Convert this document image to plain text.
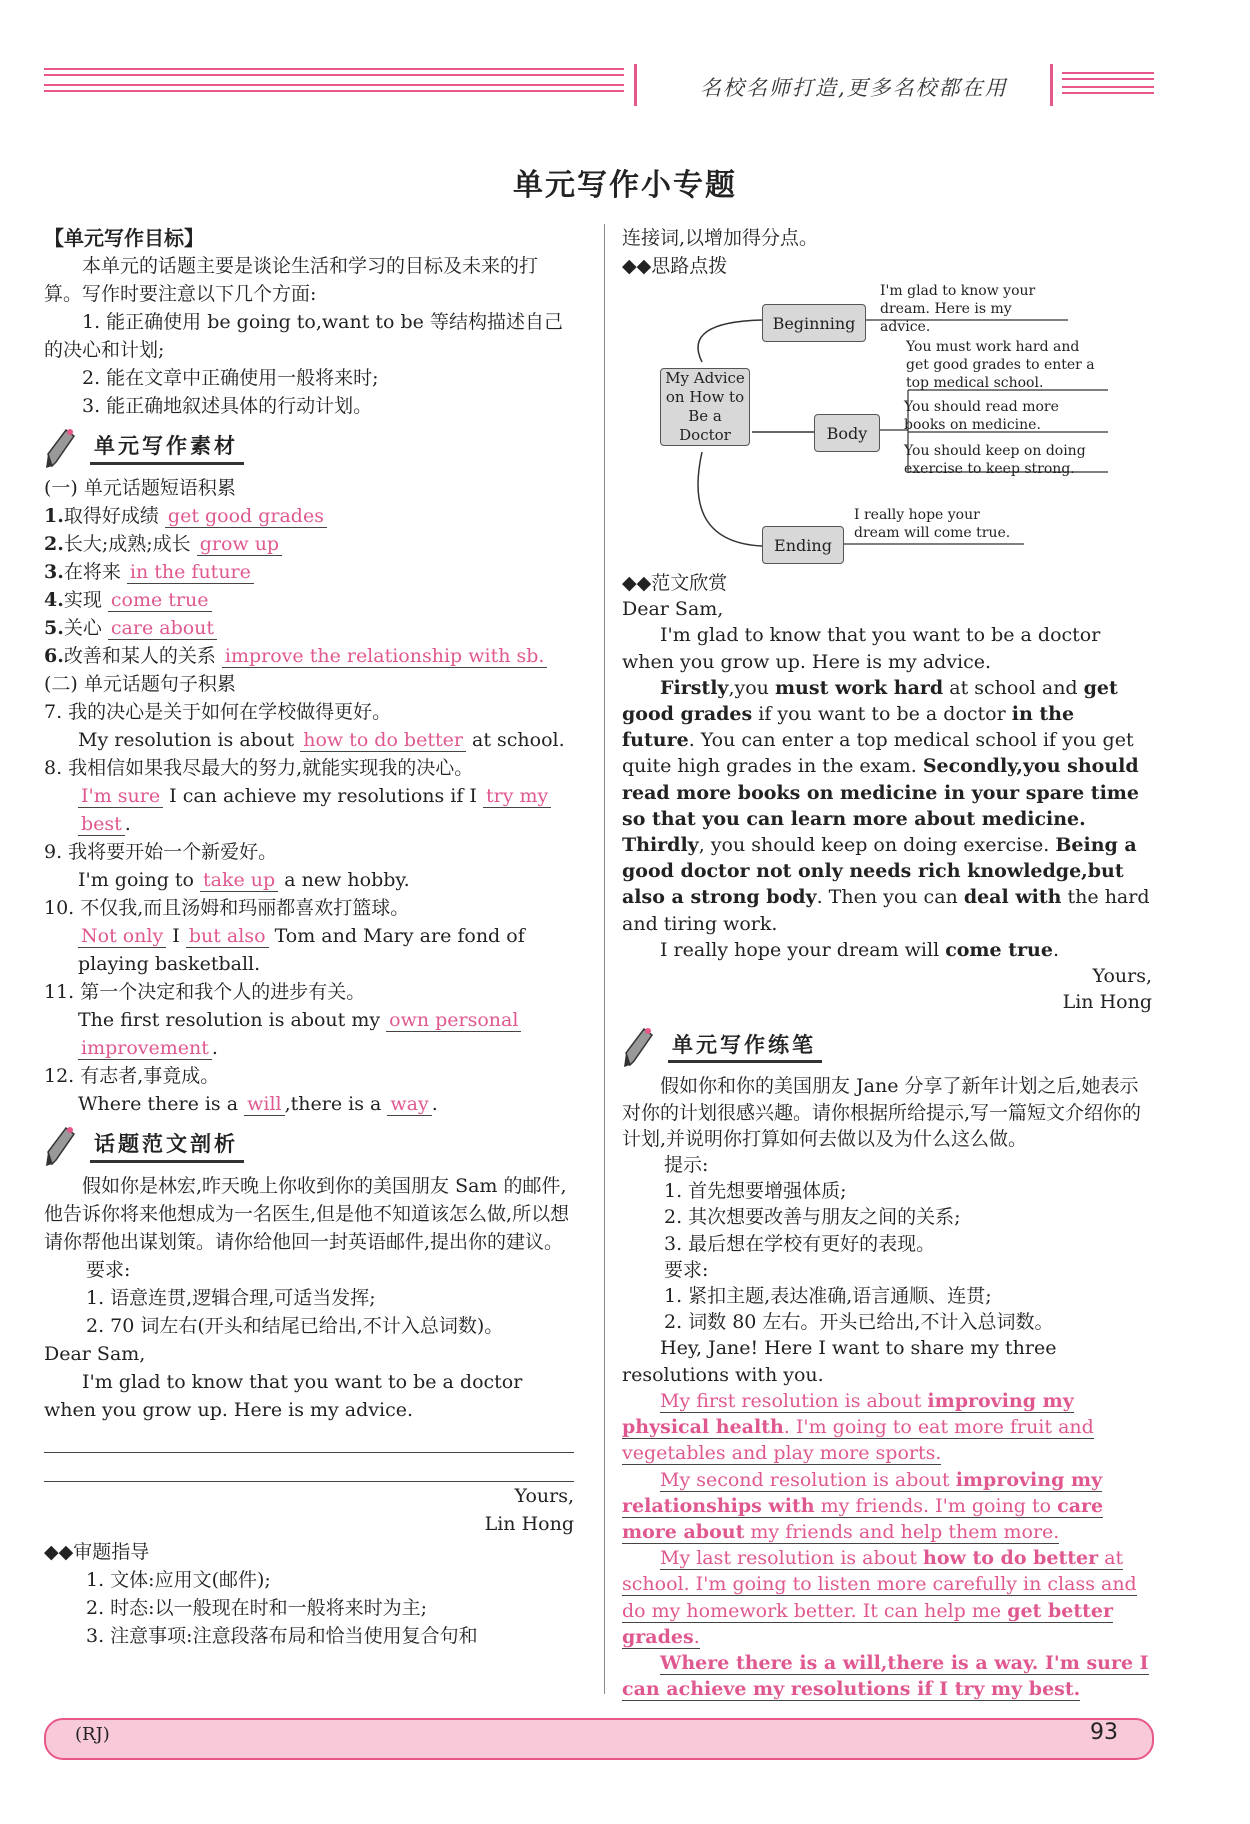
名校名师打造,更多名校都在用
单元写作小专题

【单元写作目标】

本单元的话题主要是谈论生活和学习的目标及未来的打算。写作时要注意以下几个方面:

1. 能正确使用 be going to,want to be 等结构描述自己的决心和计划;

2. 能在文章中正确使用一般将来时;

3. 能正确地叙述具体的行动计划。

单元写作素材

(一) 单元话题短语积累

1.取得好成绩 get good grades

2.长大;成熟;成长 grow up

3.在将来 in the future

4.实现 come true

5.关心 care about

6.改善和某人的关系 improve the relationship with sb.

(二) 单元话题句子积累

7. 我的决心是关于如何在学校做得更好。

My resolution is about how to do better at school.

8. 我相信如果我尽最大的努力,就能实现我的决心。

I'm sure I can achieve my resolutions if I try my best .

9. 我将要开始一个新爱好。

I'm going to take up a new hobby.

10. 不仅我,而且汤姆和玛丽都喜欢打篮球。

Not only I but also Tom and Mary are fond of

playing basketball.

11. 第一个决定和我个人的进步有关。

The first resolution is about my own personal improvement .

12. 有志者,事竟成。

Where there is a will ,there is a way .

话题范文剖析

假如你是林宏,昨天晚上你收到你的美国朋友 Sam 的邮件,他告诉你将来他想成为一名医生,但是他不知道该怎么做,所以想请你帮他出谋划策。请你给他回一封英语邮件,提出你的建议。

要求:

1. 语意连贯,逻辑合理,可适当发挥;

2. 70 词左右(开头和结尾已给出,不计入总词数)。

Dear Sam,

I'm glad to know that you want to be a doctor when you grow up. Here is my advice.

Yours,

Lin Hong

◆◆审题指导

1. 文体:应用文(邮件);

2. 时态:以一般现在时和一般将来时为主;

3. 注意事项:注意段落布局和恰当使用复合句和

连接词,以增加得分点。

◆◆思路点拨

My Advice on How to Be a Doctor
Beginning
Body
Ending
I'm glad to know your dream. Here is my advice.
You must work hard and get good grades to enter a top medical school.
You should read more books on medicine.
You should keep on doing exercise to keep strong.
I really hope your dream will come true.

◆◆范文欣赏

Dear Sam,

I'm glad to know that you want to be a doctor when you grow up. Here is my advice.

Firstly,you must work hard at school and get good grades if you want to be a doctor in the future. You can enter a top medical school if you get quite high grades in the exam. Secondly,you should read more books on medicine in your spare time so that you can learn more about medicine. Thirdly, you should keep on doing exercise. Being a good doctor not only needs rich knowledge,but also a strong body. Then you can deal with the hard and tiring work.

I really hope your dream will come true.

Yours,

Lin Hong

单元写作练笔

假如你和你的美国朋友 Jane 分享了新年计划之后,她表示对你的计划很感兴趣。请你根据所给提示,写一篇短文介绍你的计划,并说明你打算如何去做以及为什么这么做。

提示:

1. 首先想要增强体质;

2. 其次想要改善与朋友之间的关系;

3. 最后想在学校有更好的表现。

要求:

1. 紧扣主题,表达准确,语言通顺、连贯;

2. 词数 80 左右。开头已给出,不计入总词数。

Hey, Jane! Here I want to share my three resolutions with you.

My first resolution is about improving my physical health. I'm going to eat more fruit and vegetables and play more sports.

My second resolution is about improving my relationships with my friends. I'm going to care more about my friends and help them more.

My last resolution is about how to do better at school. I'm going to listen more carefully in class and do my homework better. It can help me get better grades.

Where there is a will,there is a way. I'm sure I can achieve my resolutions if I try my best.

(RJ)	93
